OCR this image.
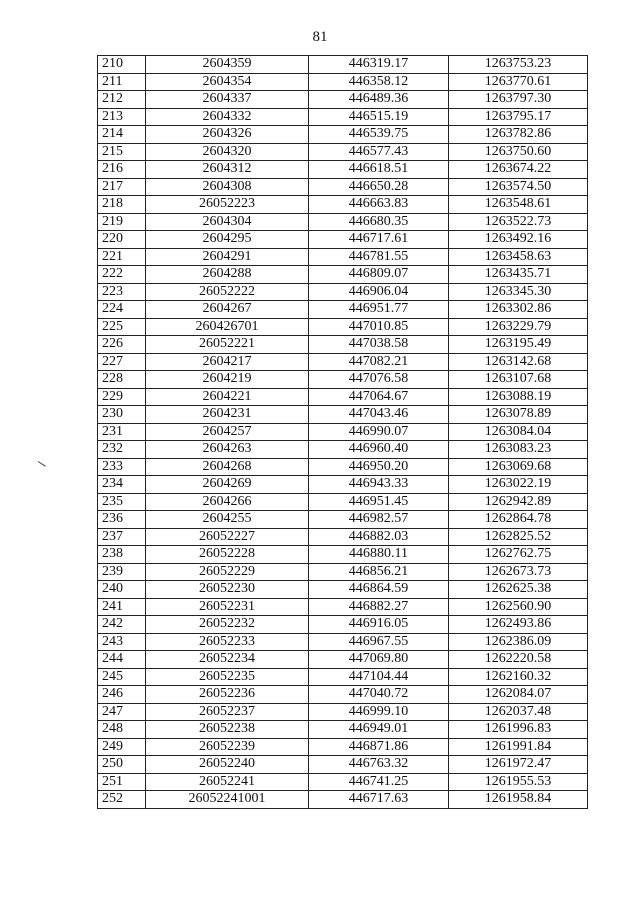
81
210	2604359	446319.17	1263753.23
211	2604354	446358.12	1263770.61
212	2604337	446489.36	1263797.30
213	2604332	446515.19	1263795.17
214	2604326	446539.75	1263782.86
215	2604320	446577.43	1263750.60
216	2604312	446618.51	1263674.22
217	2604308	446650.28	1263574.50
218	26052223	446663.83	1263548.61
219	2604304	446680.35	1263522.73
220	2604295	446717.61	1263492.16
221	2604291	446781.55	1263458.63
222	2604288	446809.07	1263435.71
223	26052222	446906.04	1263345.30
224	2604267	446951.77	1263302.86
225	260426701	447010.85	1263229.79
226	26052221	447038.58	1263195.49
227	2604217	447082.21	1263142.68
228	2604219	447076.58	1263107.68
229	2604221	447064.67	1263088.19
230	2604231	447043.46	1263078.89
231	2604257	446990.07	1263084.04
232	2604263	446960.40	1263083.23
233	2604268	446950.20	1263069.68
234	2604269	446943.33	1263022.19
235	2604266	446951.45	1262942.89
236	2604255	446982.57	1262864.78
237	26052227	446882.03	1262825.52
238	26052228	446880.11	1262762.75
239	26052229	446856.21	1262673.73
240	26052230	446864.59	1262625.38
241	26052231	446882.27	1262560.90
242	26052232	446916.05	1262493.86
243	26052233	446967.55	1262386.09
244	26052234	447069.80	1262220.58
245	26052235	447104.44	1262160.32
246	26052236	447040.72	1262084.07
247	26052237	446999.10	1262037.48
248	26052238	446949.01	1261996.83
249	26052239	446871.86	1261991.84
250	26052240	446763.32	1261972.47
251	26052241	446741.25	1261955.53
252	26052241001	446717.63	1261958.84
